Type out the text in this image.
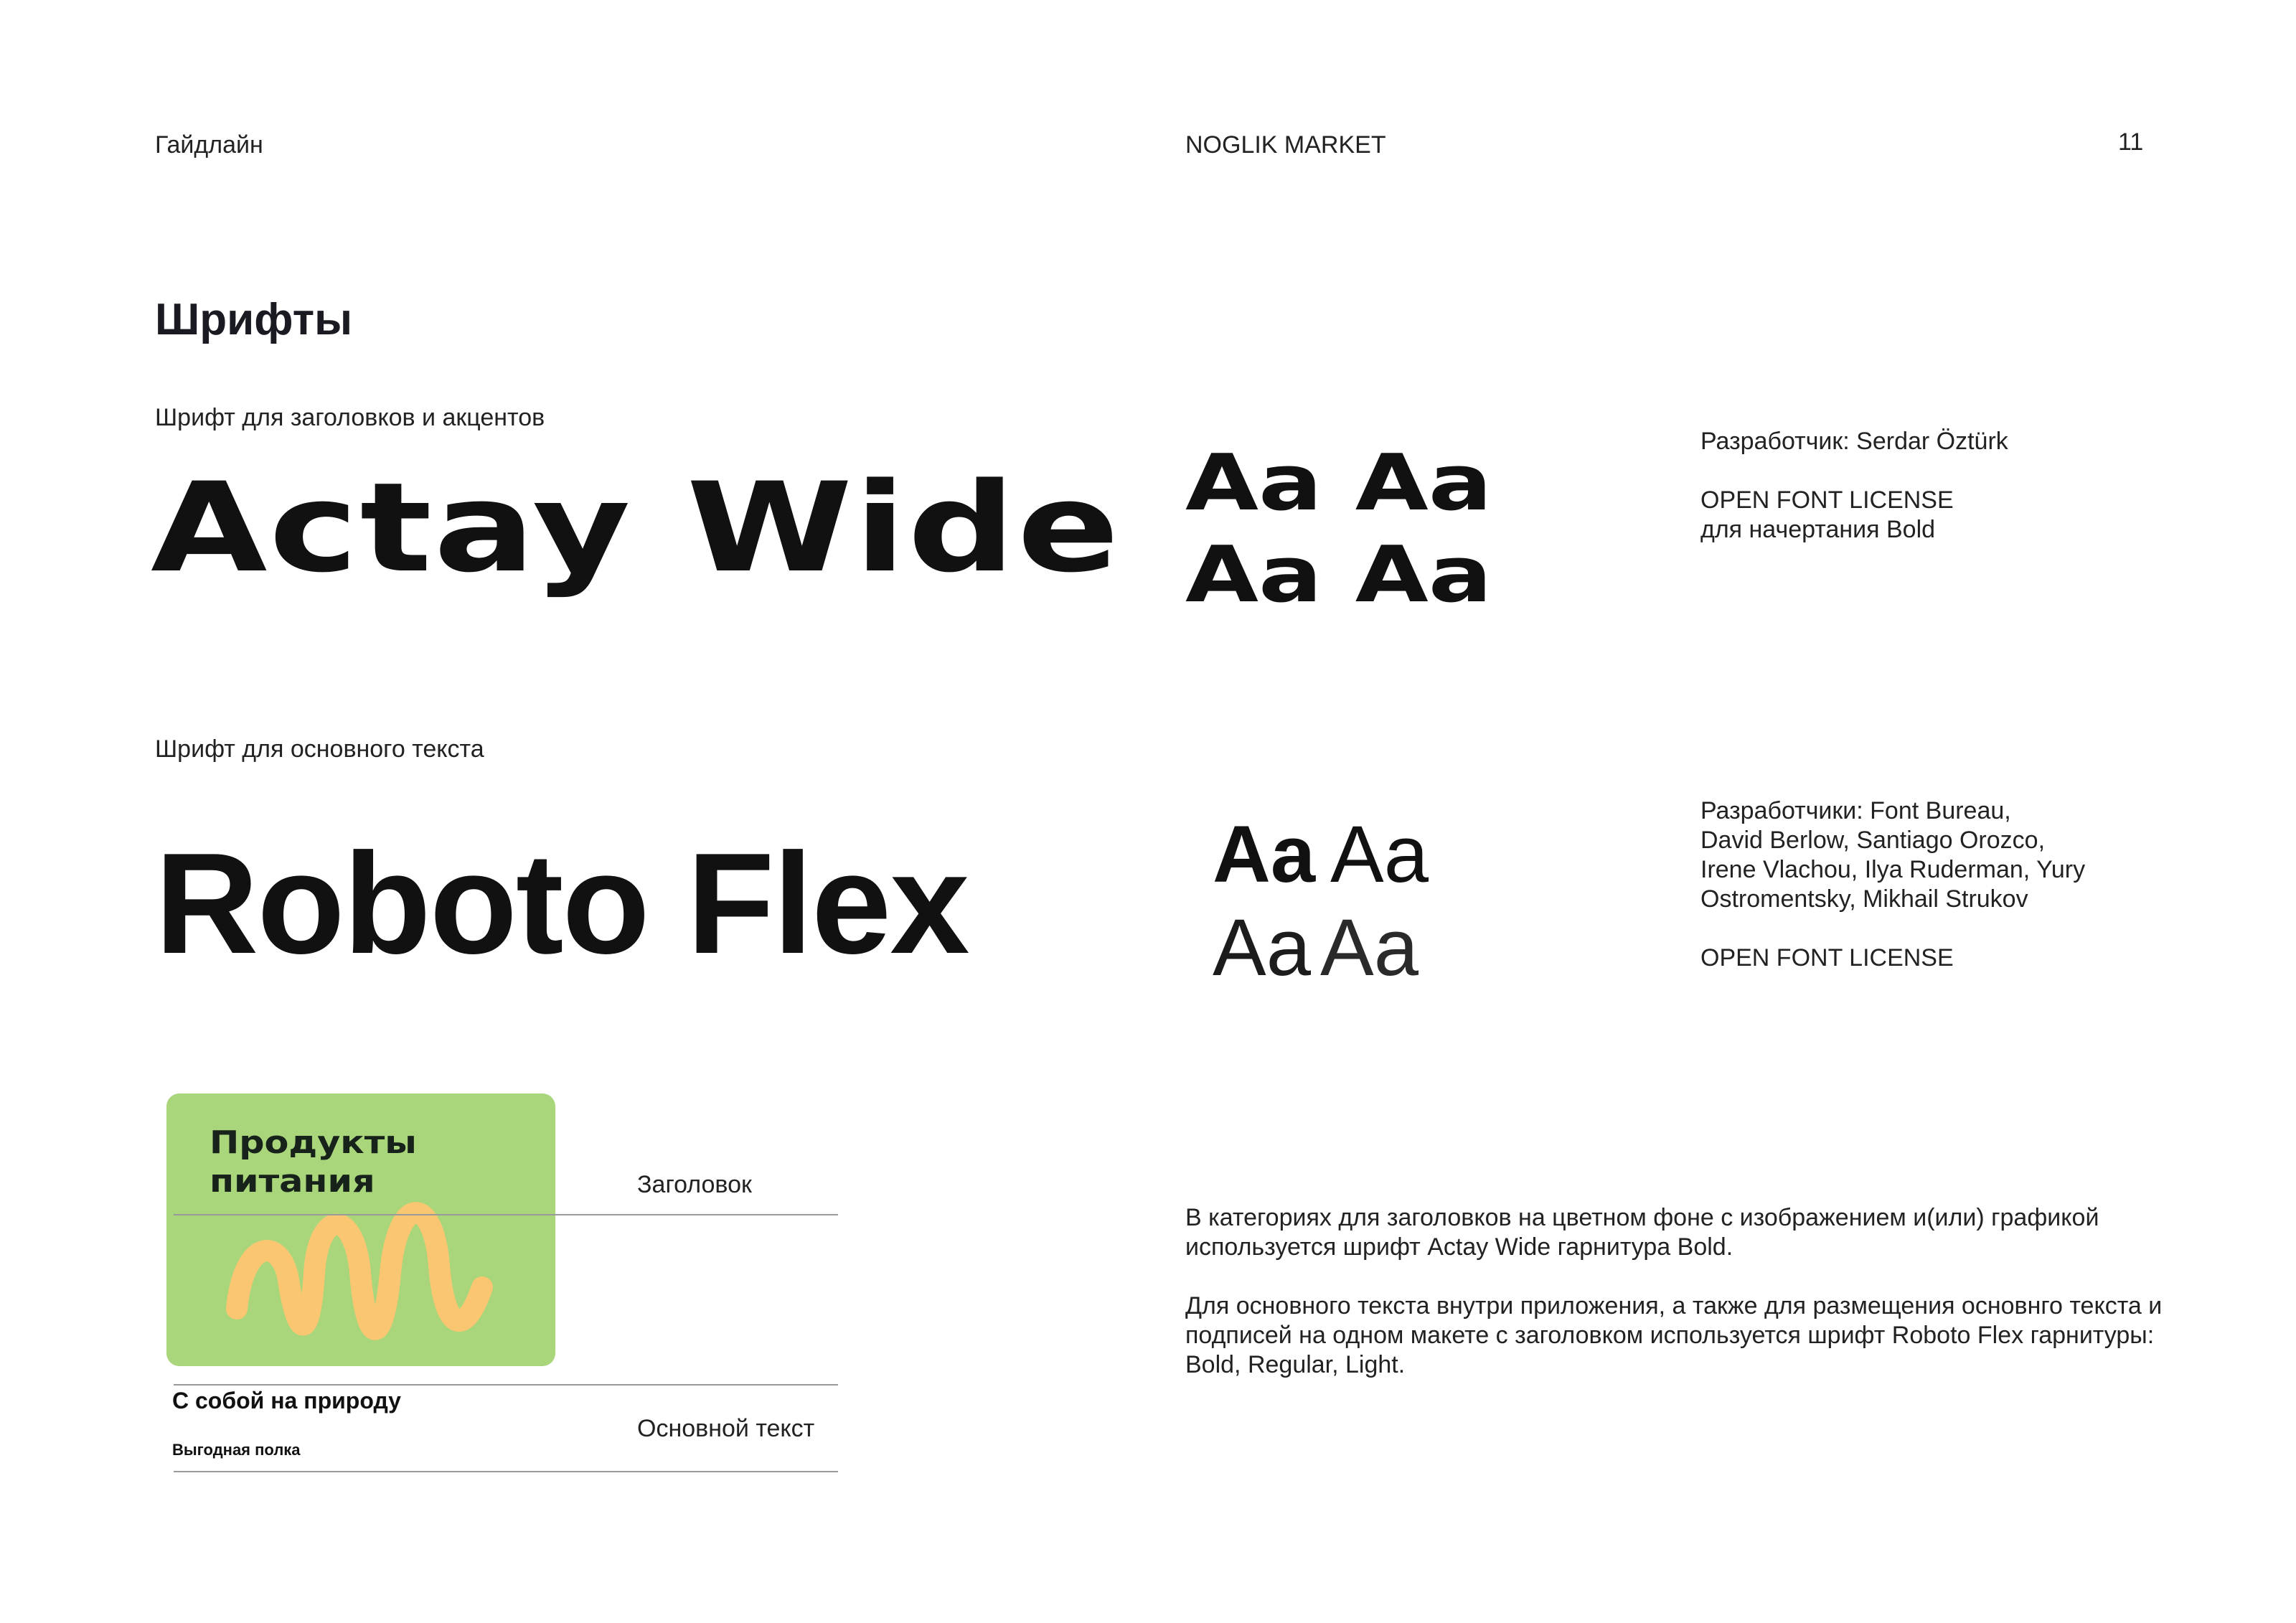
Гайдлайн	NOGLIK MARKET	11
Шрифты
Шрифт для заголовков и акцентов
Actay Wide Aa Aa
Aa Aa
Разработчик: Serdar Öztürk
OPEN FONT LICENSE
для начертания Bold
Шрифт для основного текста
Roboto Flex	Aa Aa
Aa Aa
Разработчики: Font Bureau,
David Berlow, Santiago Orozco,
Irene Vlachou, Ilya Ruderman, Yury
Ostromentsky, Mikhail Strukov
OPEN FONT LICENSE
Продукты
питания	Заголовок
С собой на природу
Выгодная полка
Основной текст

В категориях для заголовков на цветном фоне с изображением и(или) графикой используется шрифт Actay Wide гарнитура Bold.

Для основного текста внутри приложения, а также для размещения основнго текста и подписей на одном макете с заголовком используется шрифт Roboto Flex гарнитуры: Bold, Regular, Light.
